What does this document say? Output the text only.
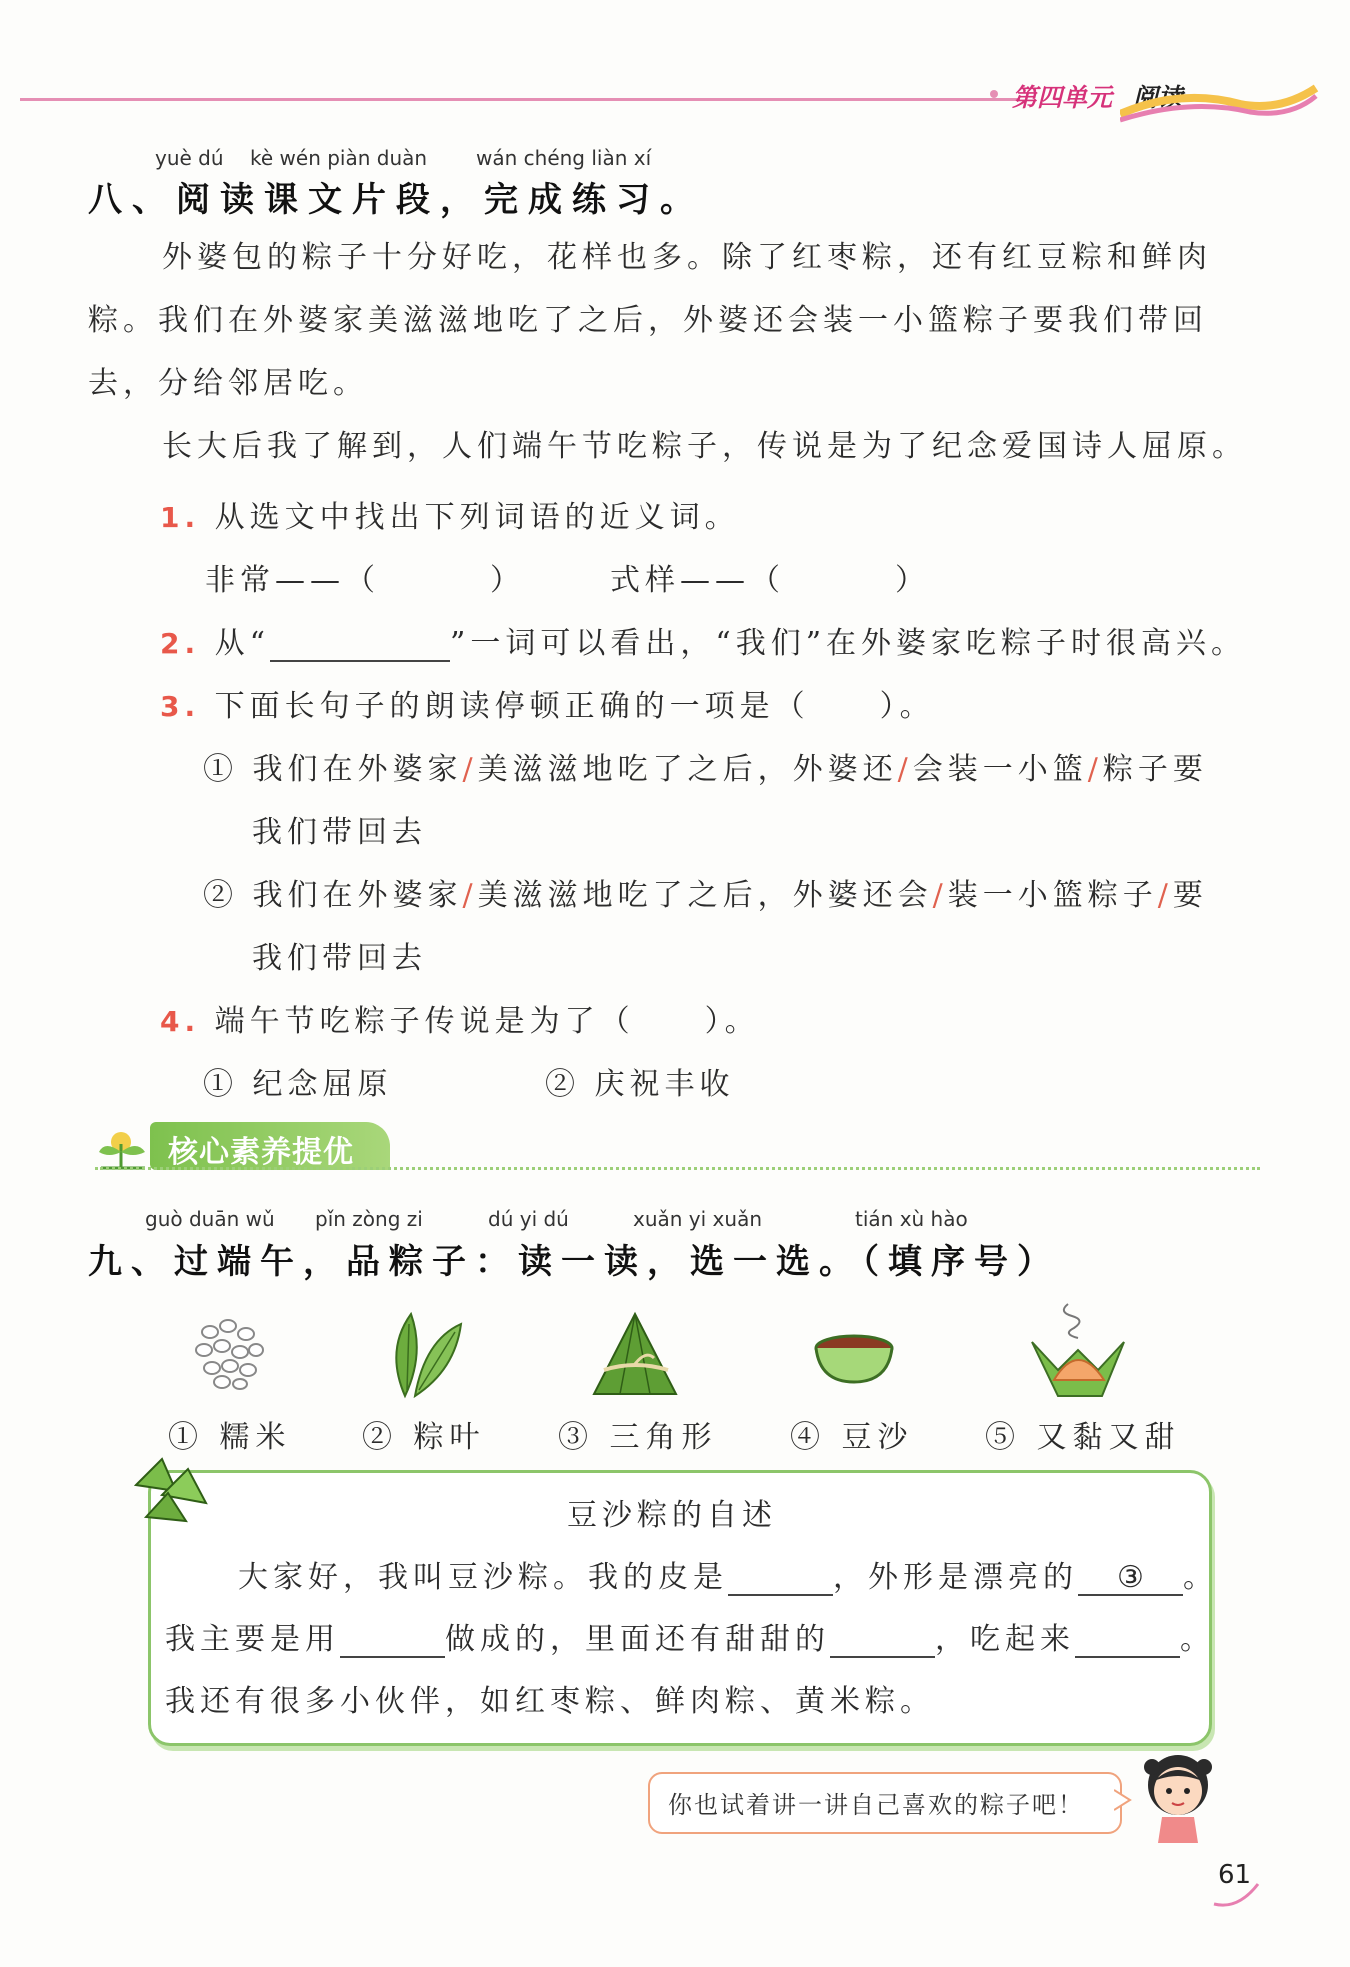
第四单元 阅读
yuè dú kè wén piàn duàn wán chéng liàn xí
八、阅读课文片段，完成练习。
外婆包的粽子十分好吃，花样也多。除了红枣粽，还有红豆粽和鲜肉粽。我们在外婆家美滋滋地吃了之后，外婆还会装一小篮粽子要我们带回去，分给邻居吃。
长大后我了解到，人们端午节吃粽子，传说是为了纪念爱国诗人屈原。
1. 从选文中找出下列词语的近义词。
非常——（	）	式样——（	）
2. 从“	”一词可以看出，“我们”在外婆家吃粽子时很高兴。
3. 下面长句子的朗读停顿正确的一项是（　　）。
① 我们在外婆家/美滋滋地吃了之后，外婆还/会装一小篮/粽子要
我们带回去
② 我们在外婆家/美滋滋地吃了之后，外婆还会/装一小篮粽子/要
我们带回去
4. 端午节吃粽子传说是为了（　　）。
① 纪念屈原	② 庆祝丰收
核心素养提优
guò duān wǔ pǐn zòng zi	dú yi dú	xuǎn yi xuǎn	tián xù hào
九、过端午，品粽子：读一读，选一选。（填序号）
① 糯米 ② 粽叶 ③ 三角形 ④ 豆沙 ⑤ 又黏又甜
豆沙粽的自述
大家好，我叫豆沙粽。我的皮是	，外形是漂亮的 ③ 。
我主要是用	做成的，里面还有甜甜的	，吃起来	。
我还有很多小伙伴，如红枣粽、鲜肉粽、黄米粽。
你也试着讲一讲自己喜欢的粽子吧！
61
